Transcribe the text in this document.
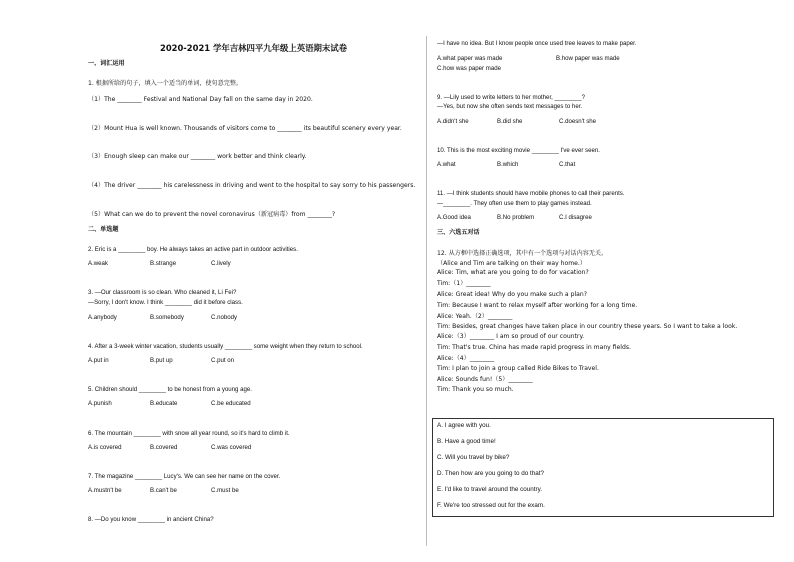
2020-2021 学年吉林四平九年级上英语期末试卷
一、词汇运用
1. 根据所给的句子，填入一个适当的单词，使句意完整。
（1）The ________ Festival and National Day fall on the same day in 2020.
（2）Mount Hua is well known. Thousands of visitors come to ________ its beautiful scenery every year.
（3）Enough sleep can make our ________ work better and think clearly.
（4）The driver ________ his carelessness in driving and went to the hospital to say sorry to his passengers.
（5）What can we do to prevent the novel coronavirus（新冠病毒）from ________?
二、单选题
2. Eric is a ________ boy. He always takes an active part in outdoor activities.
A.weak	B.strange	C.lively
3. —Our classroom is so clean. Who cleaned it, Li Fei?
—Sorry, I don't know. I think ________ did it before class.
A.anybody	B.somebody	C.nobody
4. After a 3-week winter vacation, students usually ________ some weight when they return to school.
A.put in	B.put up	C.put on
5. Children should ________ to be honest from a young age.
A.punish	B.educate	C.be educated
6. The mountain ________ with snow all year round, so it's hard to climb it.
A.is covered	B.covered	C.was covered
7. The magazine ________ Lucy's. We can see her name on the cover.
A.mustn't be	B.can't be	C.must be
8. —Do you know ________ in ancient China?
—I have no idea. But I know people once used tree leaves to make paper.
A.what paper was made	B.how paper was made
C.how was paper made
9. —Lily used to write letters to her mother, ________?
—Yes, but now she often sends text messages to her.
A.didn't she	B.did she	C.doesn't she
10. This is the most exciting movie ________ I've ever seen.
A.what	B.which	C.that
11. —I think students should have mobile phones to call their parents.
—________. They often use them to play games instead.
A.Good idea	B.No problem	C.I disagree
三、六选五对话
12. 从方框中选择正确选项，其中有一个选项与对话内容无关。
（Alice and Tim are talking on their way home.）
Alice: Tim, what are you going to do for vacation?
Tim:（1）________
Alice: Great idea! Why do you make such a plan?
Tim: Because I want to relax myself after working for a long time.
Alice: Yeah.（2）________
Tim: Besides, great changes have taken place in our country these years. So I want to take a look.
Alice:（3）________ I am so proud of our country.
Tim: That's true. China has made rapid progress in many fields.
Alice:（4）________
Tim: I plan to join a group called Ride Bikes to Travel.
Alice: Sounds fun!（5）________
Tim: Thank you so much.
A. I agree with you.
B. Have a good time!
C. Will you travel by bike?
D. Then how are you going to do that?
E. I'd like to travel around the country.
F. We're too stressed out for the exam.
